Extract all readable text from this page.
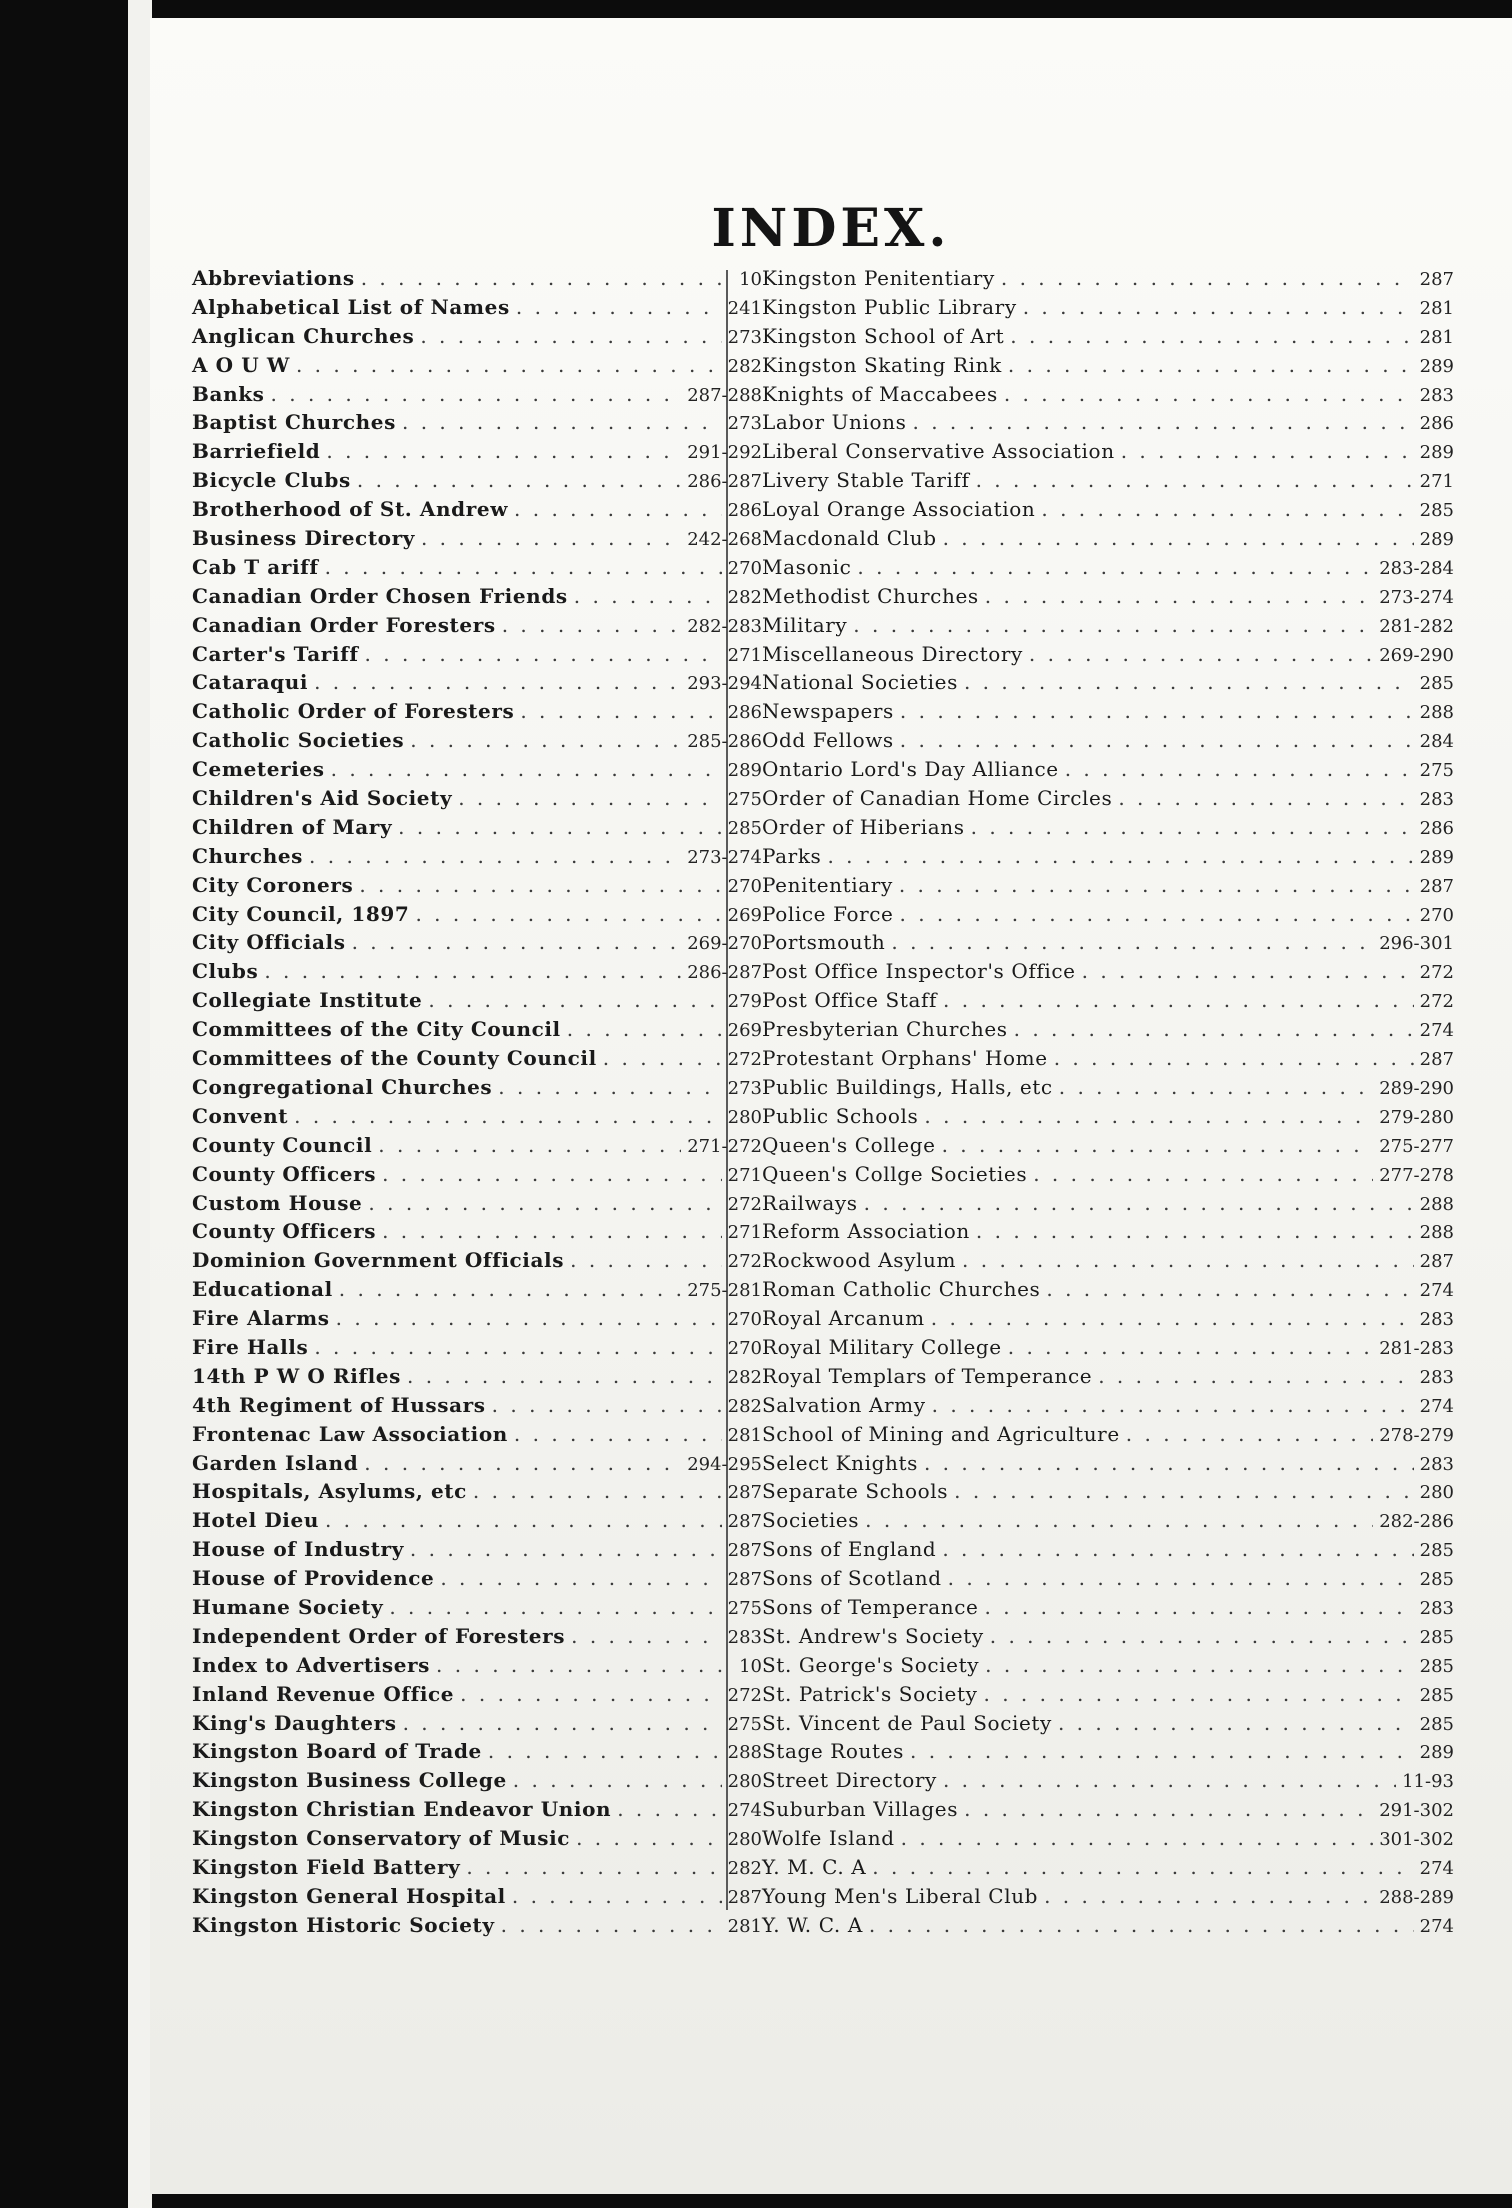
INDEX.
Abbreviations . . .	10
Alphabetical List of Names . . .	241
Anglican Churches . . .	273
A O U W . . .	282
Banks . . .	287-288
Baptist Churches . . .	273
Barriefield . . .	291-292
Bicycle Clubs . . .	286-287
Brotherhood of St. Andrew . . .	286
Business Directory . . .	242-268
Cab T ariff . . .	270
Canadian Order Chosen Friends . . .	282
Canadian Order Foresters . . .	282-283
Carter's Tariff . . .	271
Cataraqui . . .	293-294
Catholic Order of Foresters . . .	286
Catholic Societies . . .	285-286
Cemeteries . . .	289
Children's Aid Society . . .	275
Children of Mary . . .	285
Churches . . .	273-274
City Coroners . . .	270
City Council, 1897 . . .	269
City Officials . . .	269-270
Clubs . . .	286-287
Collegiate Institute . . .	279
Committees of the City Council . . .	269
Committees of the County Council . . .	272
Congregational Churches . . .	273
Convent . . .	280
County Council . . .	271-272
County Officers . . .	271
Custom House . . .	272
County Officers . . .	271
Dominion Government Officials . . .	272
Educational . . .	275-281
Fire Alarms . . .	270
Fire Halls . . .	270
14th P W O Rifles . . .	282
4th Regiment of Hussars . . .	282
Frontenac Law Association . . .	281
Garden Island . . .	294-295
Hospitals, Asylums, etc . . .	287
Hotel Dieu . . .	287
House of Industry . . .	287
House of Providence . . .	287
Humane Society . . .	275
Independent Order of Foresters . . .	283
Index to Advertisers . . .	10
Inland Revenue Office . . .	272
King's Daughters . . .	275
Kingston Board of Trade . . .	288
Kingston Business College . . .	280
Kingston Christian Endeavor Union . . .	274
Kingston Conservatory of Music . . .	280
Kingston Field Battery . . .	282
Kingston General Hospital . . .	287
Kingston Historic Society . . .	281
Kingston Penitentiary . . .	287
Kingston Public Library . . .	281
Kingston School of Art . . .	281
Kingston Skating Rink . . .	289
Knights of Maccabees . . .	283
Labor Unions . . .	286
Liberal Conservative Association . . .	289
Livery Stable Tariff . . .	271
Loyal Orange Association . . .	285
Macdonald Club . . .	289
Masonic . . .	283-284
Methodist Churches . . .	273-274
Military . . .	281-282
Miscellaneous Directory . . .	269-290
National Societies . . .	285
Newspapers . . .	288
Odd Fellows . . .	284
Ontario Lord's Day Alliance . . .	275
Order of Canadian Home Circles . . .	283
Order of Hiberians . . .	286
Parks . . .	289
Penitentiary . . .	287
Police Force . . .	270
Portsmouth . . .	296-301
Post Office Inspector's Office . . .	272
Post Office Staff . . .	272
Presbyterian Churches . . .	274
Protestant Orphans' Home . . .	287
Public Buildings, Halls, etc . . .	289-290
Public Schools . . .	279-280
Queen's College . . .	275-277
Queen's Collge Societies . . .	277-278
Railways . . .	288
Reform Association . . .	288
Rockwood Asylum . . .	287
Roman Catholic Churches . . .	274
Royal Arcanum . . .	283
Royal Military College . . .	281-283
Royal Templars of Temperance . . .	283
Salvation Army . . .	274
School of Mining and Agriculture . . .	278-279
Select Knights . . .	283
Separate Schools . . .	280
Societies . . .	282-286
Sons of England . . .	285
Sons of Scotland . . .	285
Sons of Temperance . . .	283
St. Andrew's Society . . .	285
St. George's Society . . .	285
St. Patrick's Society . . .	285
St. Vincent de Paul Society . . .	285
Stage Routes . . .	289
Street Directory . . .	11-93
Suburban Villages . . .	291-302
Wolfe Island . . .	301-302
Y. M. C. A . . .	274
Young Men's Liberal Club . . .	288-289
Y. W. C. A . . .	274
